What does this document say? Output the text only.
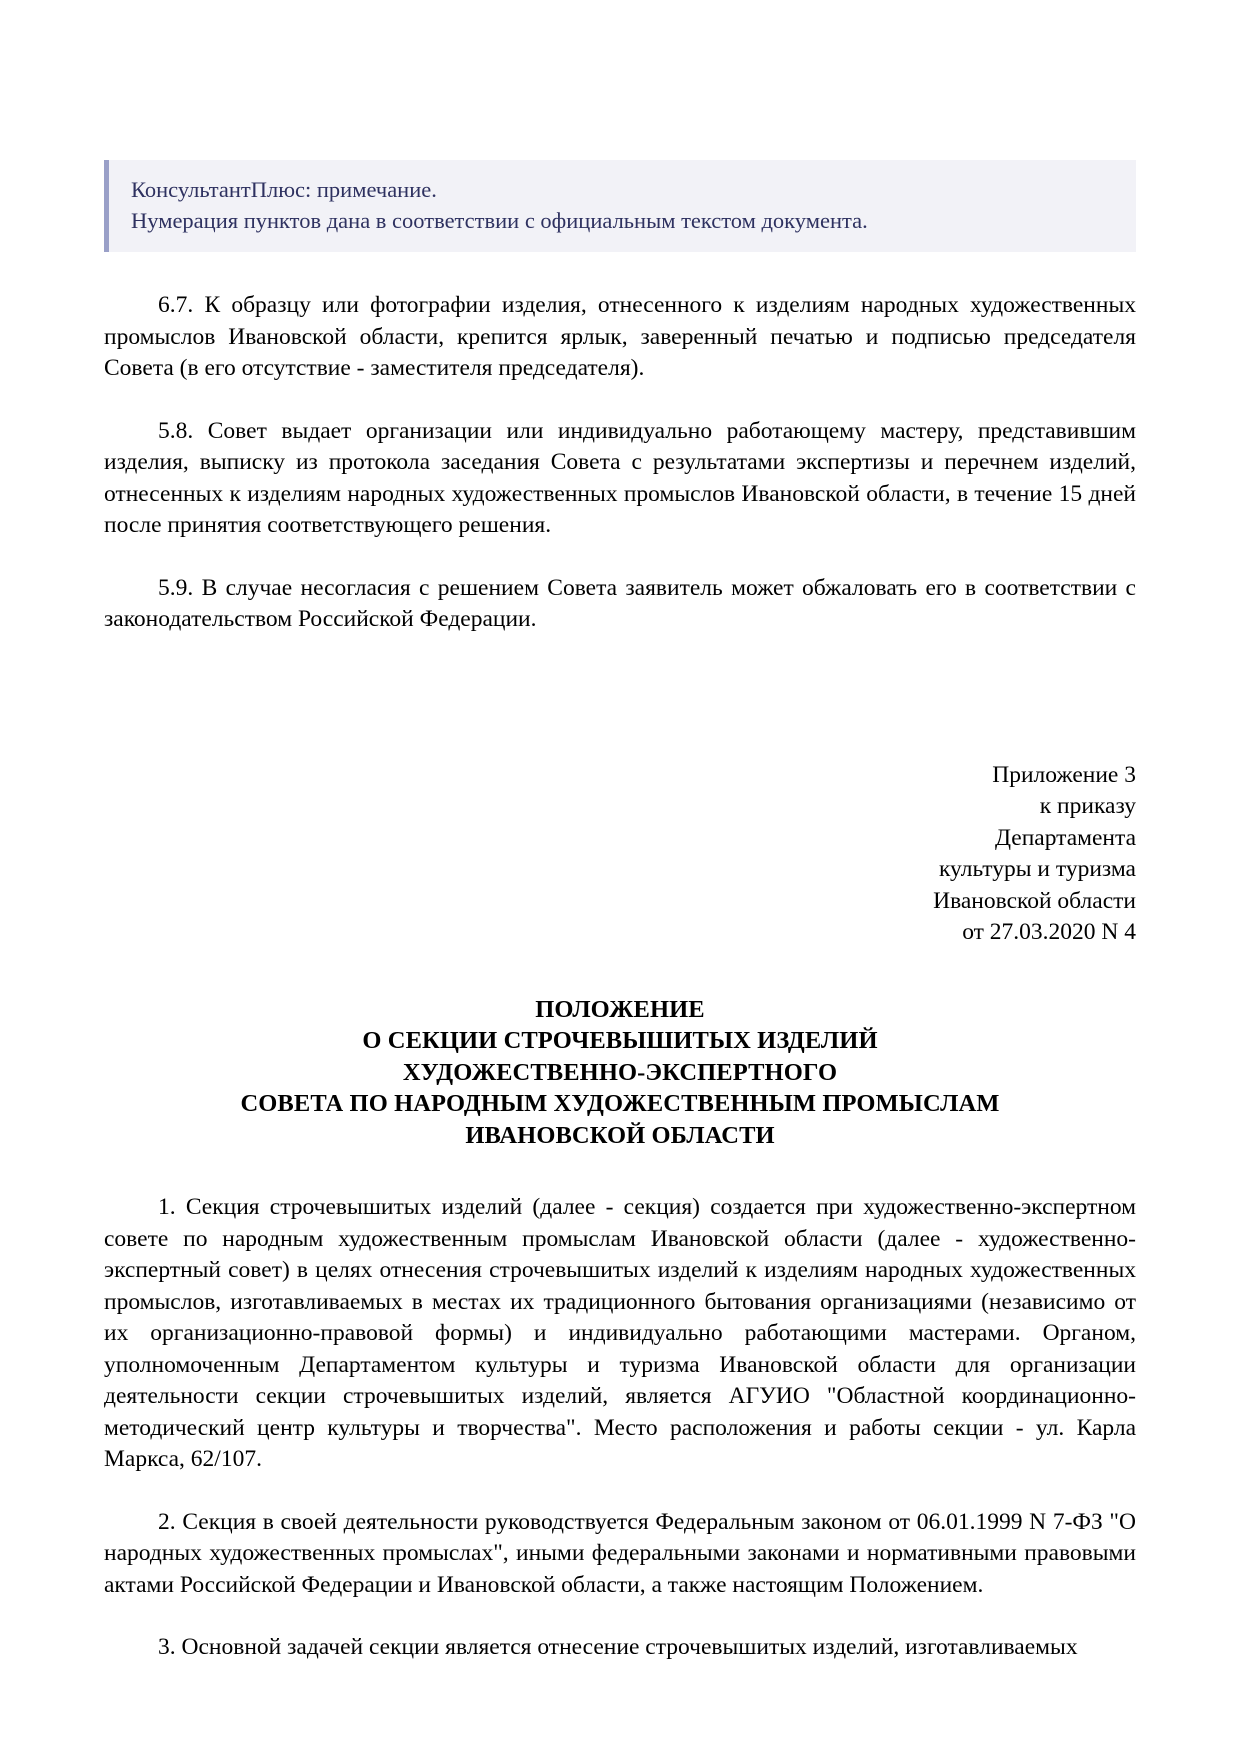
КонсультантПлюс: примечание.
Нумерация пунктов дана в соответствии с официальным текстом документа.

6.7. К образцу или фотографии изделия, отнесенного к изделиям народных художественных промыслов Ивановской области, крепится ярлык, заверенный печатью и подписью председателя Совета (в его отсутствие - заместителя председателя).

5.8. Совет выдает организации или индивидуально работающему мастеру, представившим изделия, выписку из протокола заседания Совета с результатами экспертизы и перечнем изделий, отнесенных к изделиям народных художественных промыслов Ивановской области, в течение 15 дней после принятия соответствующего решения.

5.9. В случае несогласия с решением Совета заявитель может обжаловать его в соответствии с законодательством Российской Федерации.

Приложение 3
к приказу
Департамента
культуры и туризма
Ивановской области
от 27.03.2020 N 4
ПОЛОЖЕНИЕ
О СЕКЦИИ СТРОЧЕВЫШИТЫХ ИЗДЕЛИЙ
ХУДОЖЕСТВЕННО-ЭКСПЕРТНОГО
СОВЕТА ПО НАРОДНЫМ ХУДОЖЕСТВЕННЫМ ПРОМЫСЛАМ
ИВАНОВСКОЙ ОБЛАСТИ

1. Секция строчевышитых изделий (далее - секция) создается при художественно-экспертном совете по народным художественным промыслам Ивановской области (далее - художественно-экспертный совет) в целях отнесения строчевышитых изделий к изделиям народных художественных промыслов, изготавливаемых в местах их традиционного бытования организациями (независимо от их организационно-правовой формы) и индивидуально работающими мастерами. Органом, уполномоченным Департаментом культуры и туризма Ивановской области для организации деятельности секции строчевышитых изделий, является АГУИО "Областной координационно-методический центр культуры и творчества". Место расположения и работы секции - ул. Карла Маркса, 62/107.

2. Секция в своей деятельности руководствуется Федеральным законом от 06.01.1999 N 7-ФЗ "О народных художественных промыслах", иными федеральными законами и нормативными правовыми актами Российской Федерации и Ивановской области, а также настоящим Положением.

3. Основной задачей секции является отнесение строчевышитых изделий, изготавливаемых
